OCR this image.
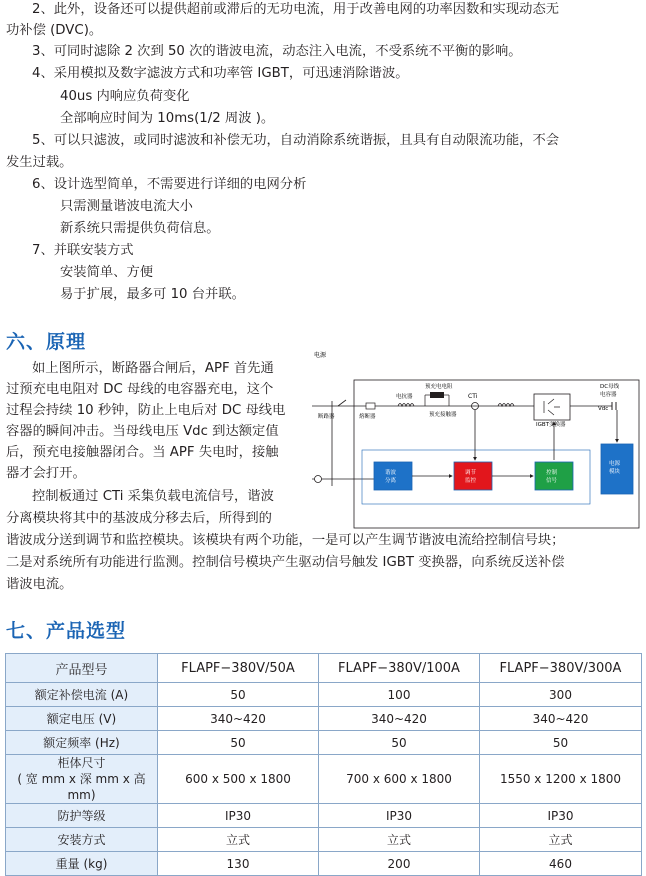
2、此外，设备还可以提供超前或滞后的无功电流，用于改善电网的功率因数和实现动态无
功补偿 (DVC)。
3、可同时滤除 2 次到 50 次的谐波电流，动态注入电流，不受系统不平衡的影响。
4、采用模拟及数字滤波方式和功率管 IGBT，可迅速消除谐波。
40us 内响应负荷变化
全部响应时间为 10ms(1/2 周波 )。
5、可以只滤波，或同时滤波和补偿无功，自动消除系统谐振，且具有自动限流功能，不会
发生过载。
6、设计选型简单，不需要进行详细的电网分析
只需测量谐波电流大小
新系统只需提供负荷信息。
7、并联安装方式
安装简单、方便
易于扩展，最多可 10 台并联。
六、原理
如上图所示，断路器合闸后，APF 首先通
过预充电电阻对 DC 母线的电容器充电，这个
过程会持续 10 秒钟，防止上电后对 DC 母线电
容器的瞬间冲击。当母线电压 Vdc 到达额定值
后，预充电接触器闭合。当 APF 失电时，接触
器才会打开。
控制板通过 CTi 采集负载电流信号，谐波
分离模块将其中的基波成分移去后，所得到的
谐波成分送到调节和监控模块。该模块有两个功能，一是可以产生调节谐波电流给控制信号块；
二是对系统所有功能进行监测。控制信号模块产生驱动信号触发 IGBT 变换器，向系统反送补偿
谐波电流。
电源
断路器	熔断器
电抗器
预充电电阻
预充接触器
CTi
IGBT变换器
DC母线
电容器
Vdc
谐波
分离
调节
监控
控制
信号
电源
模块
七、产品选型
产品型号	FLAPF−380V/50A	FLAPF−380V/100A	FLAPF−380V/300A
额定补偿电流 (A)	50	100	300
额定电压 (V)	340~420	340~420	340~420
额定频率 (Hz)	50	50	50

柜体尺寸
( 宽 mm x 深 mm x 高 mm)	600 x 500 x 1800	700 x 600 x 1800	1550 x 1200 x 1800
防护等级	IP30	IP30	IP30
安装方式	立式	立式	立式
重量 (kg)	130	200	460
